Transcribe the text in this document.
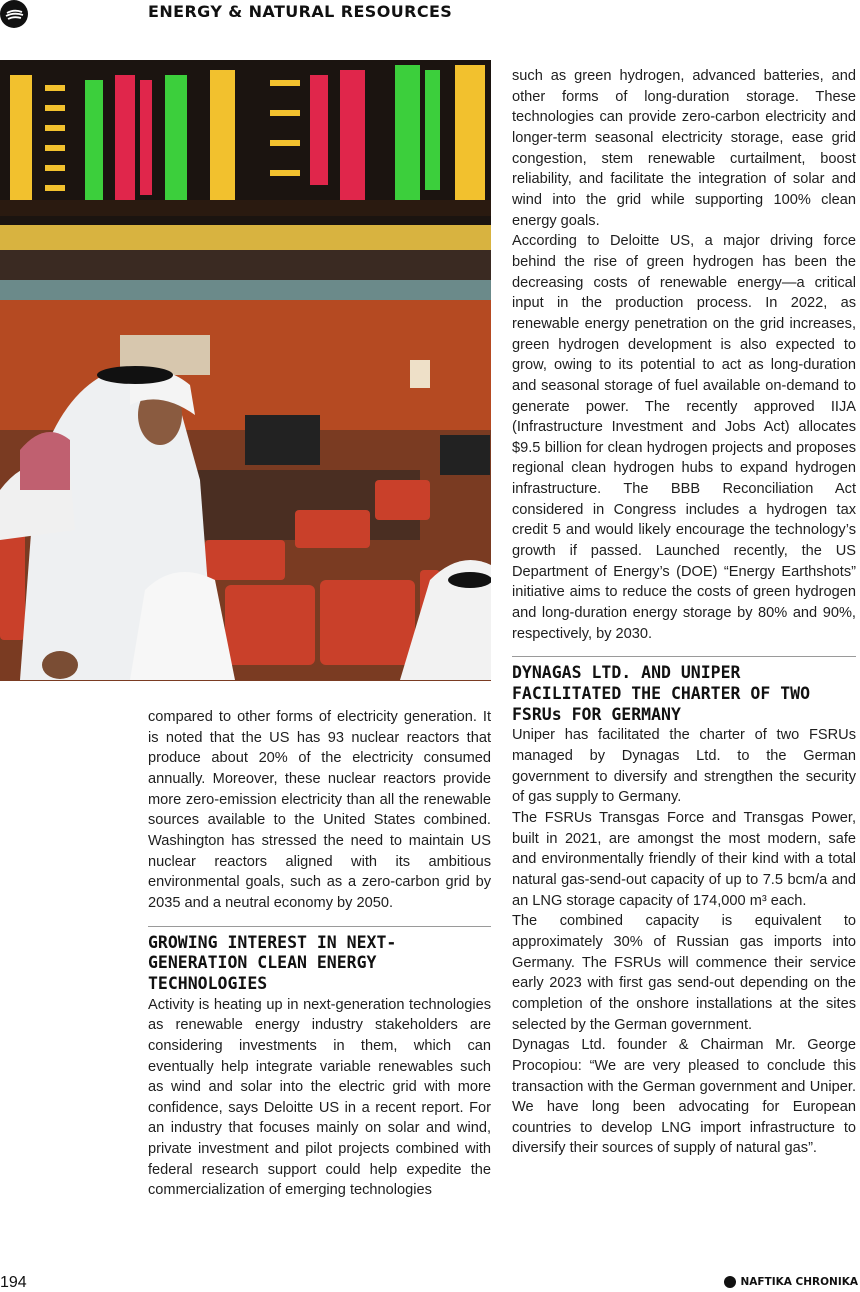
ENERGY & NATURAL RESOURCES

compared to other forms of electricity generation. It is noted that the US has 93 nuclear reactors that produce about 20% of the electricity consumed annually. Moreover, these nuclear reactors provide more zero-emission electricity than all the renewable sources available to the United States combined. Washington has stressed the need to maintain US nuclear reactors aligned with its ambitious environmental goals, such as a zero-carbon grid by 2035 and a neutral economy by 2050.

GROWING INTEREST IN NEXT-GENERATION CLEAN ENERGY TECHNOLOGIES

Activity is heating up in next-generation technologies as renewable energy industry stakeholders are considering investments in them, which can eventually help integrate variable renewables such as wind and solar into the electric grid with more confidence, says Deloitte US in a recent report. For an industry that focuses mainly on solar and wind, private investment and pilot projects combined with federal research support could help expedite the commercialization of emerging technologies

such as green hydrogen, advanced batteries, and other forms of long-duration storage. These technologies can provide zero-carbon electricity and longer-term seasonal electricity storage, ease grid congestion, stem renewable curtailment, boost reliability, and facilitate the integration of solar and wind into the grid while supporting 100% clean energy goals.

According to Deloitte US, a major driving force behind the rise of green hydrogen has been the decreasing costs of renewable energy—a critical input in the production process. In 2022, as renewable energy penetration on the grid increases, green hydrogen development is also expected to grow, owing to its potential to act as long-duration and seasonal storage of fuel available on-demand to generate power. The recently approved IIJA (Infrastructure Investment and Jobs Act) allocates $9.5 billion for clean hydrogen projects and proposes regional clean hydrogen hubs to expand hydrogen infrastructure. The BBB Reconciliation Act considered in Congress includes a hydrogen tax credit 5 and would likely encourage the technology’s growth if passed. Launched recently, the US Department of Energy’s (DOE) “Energy Earthshots” initiative aims to reduce the costs of green hydrogen and long-duration energy storage by 80% and 90%, respectively, by 2030.

DYNAGAS LTD. AND UNIPER FACILITATED THE CHARTER OF TWO FSRUs FOR GERMANY

Uniper has facilitated the charter of two FSRUs managed by Dynagas Ltd. to the German government to diversify and strengthen the security of gas supply to Germany.

The FSRUs Transgas Force and Transgas Power, built in 2021, are amongst the most modern, safe and environmentally friendly of their kind with a total natural gas-send-out capacity of up to 7.5 bcm/a and an LNG storage capacity of 174,000 m³ each.

The combined capacity is equivalent to approximately 30% of Russian gas imports into Germany. The FSRUs will commence their service early 2023 with first gas send-out depending on the completion of the onshore installations at the sites selected by the German government.

Dynagas Ltd. founder & Chairman Mr. George Procopiou: “We are very pleased to conclude this transaction with the German government and Uniper. We have long been advocating for European countries to develop LNG import infrastructure to diversify their sources of supply of natural gas”.

194	NAFTIKA CHRONIKA
